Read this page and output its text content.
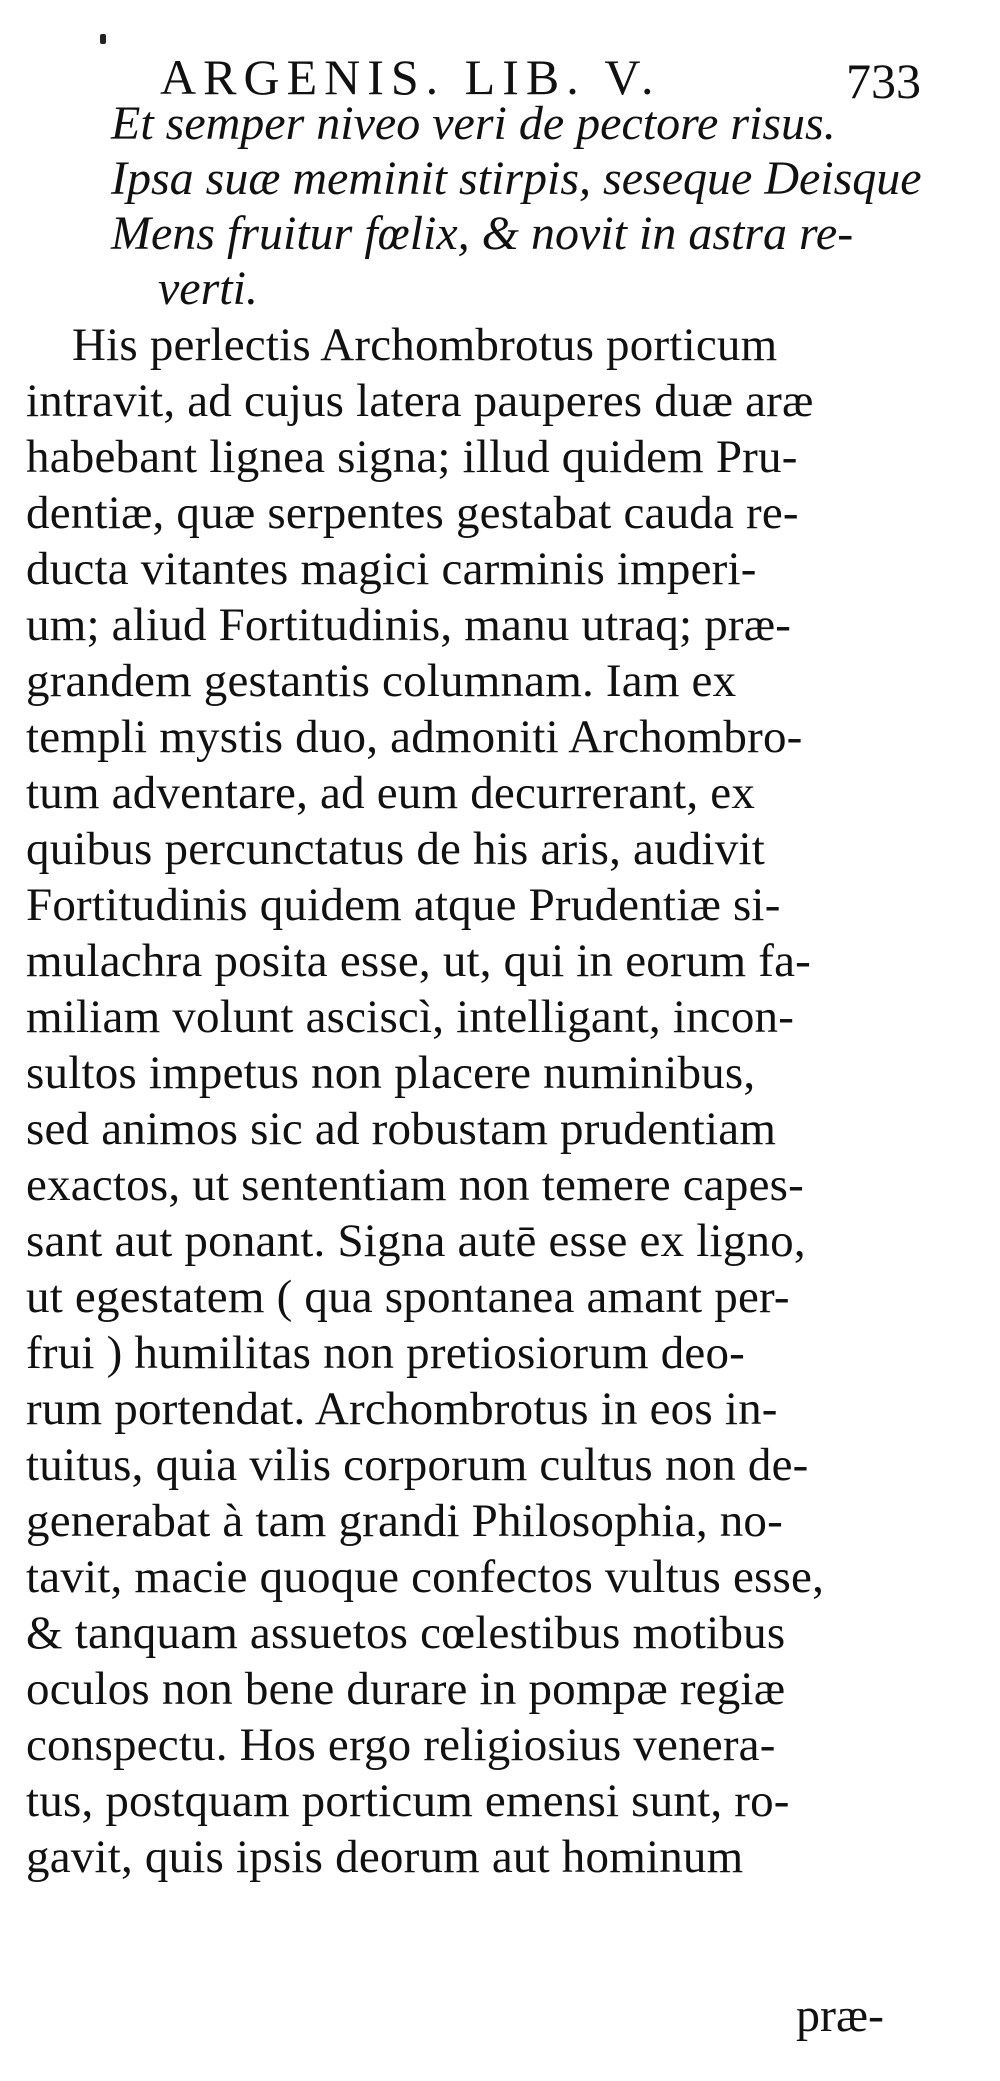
ARGENIS. LIB. V.	733
Et semper niveo veri de pectore risus.
Ipsa suæ meminit stirpis, seseque Deisque
Mens fruitur fœlix, & novit in astra re-
verti.
His perlectis Archombrotus porticum
intravit, ad cujus latera pauperes duæ aræ
habebant lignea signa; illud quidem Pru-
dentiæ, quæ serpentes gestabat cauda re-
ducta vitantes magici carminis imperi-
um; aliud Fortitudinis, manu utraq; præ-
grandem gestantis columnam. Iam ex
templi mystis duo, admoniti Archombro-
tum adventare, ad eum decurrerant, ex
quibus percunctatus de his aris, audivit
Fortitudinis quidem atque Prudentiæ si-
mulachra posita esse, ut, qui in eorum fa-
miliam volunt asciscì, intelligant, incon-
sultos impetus non placere numinibus,
sed animos sic ad robustam prudentiam
exactos, ut sententiam non temere capes-
sant aut ponant. Signa autē esse ex ligno,
ut egestatem ( qua spontanea amant per-
frui ) humilitas non pretiosiorum deo-
rum portendat. Archombrotus in eos in-
tuitus, quia vilis corporum cultus non de-
generabat à tam grandi Philosophia, no-
tavit, macie quoque confectos vultus esse,
& tanquam assuetos cœlestibus motibus
oculos non bene durare in pompæ regiæ
conspectu. Hos ergo religiosius venera-
tus, postquam porticum emensi sunt, ro-
gavit, quis ipsis deorum aut hominum
præ-
